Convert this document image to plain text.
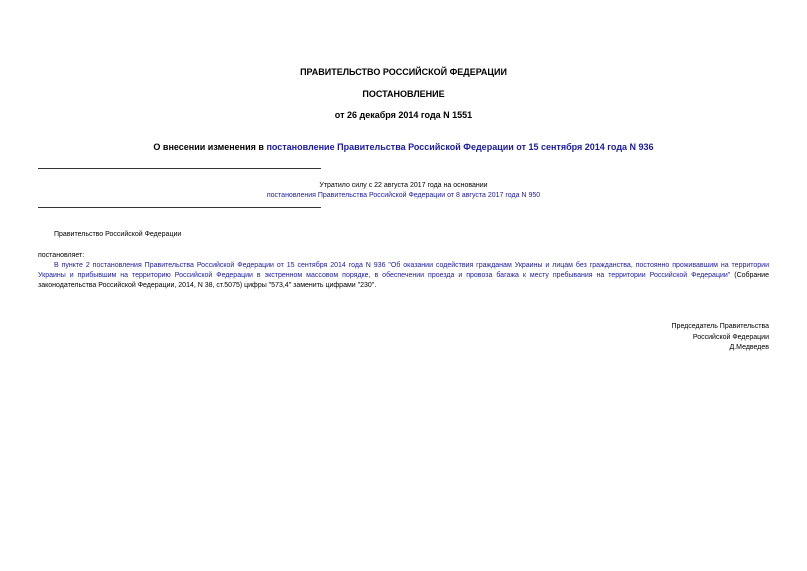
ПРАВИТЕЛЬСТВО РОССИЙСКОЙ ФЕДЕРАЦИИ
ПОСТАНОВЛЕНИЕ
от 26 декабря 2014 года N 1551
О внесении изменения в постановление Правительства Российской Федерации от 15 сентября 2014 года N 936
Утратило силу с 22 августа 2017 года на основании
постановления Правительства Российской Федерации от 8 августа 2017 года N 950
Правительство Российской Федерации
постановляет:
В пункте 2 постановления Правительства Российской Федерации от 15 сентября 2014 года N 936 "Об оказании содействия гражданам Украины и лицам без гражданства, постоянно проживавшим на территории Украины и прибывшим на территорию Российской Федерации в экстренном массовом порядке, в обеспечении проезда и провоза багажа к месту пребывания на территории Российской Федерации" (Собрание законодательства Российской Федерации, 2014, N 38, ст.5075) цифры "573,4" заменить цифрами "230".
Председатель Правительства
Российской Федерации
Д.Медведев
